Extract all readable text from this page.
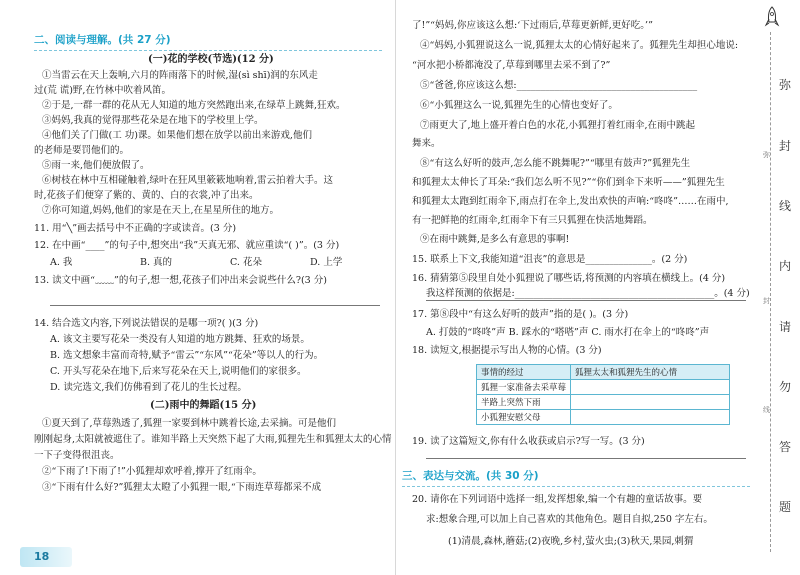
二、阅读与理解。(共 27 分)
(一)花的学校(节选)(12 分)
①当雷云在天上轰响,六月的阵雨落下的时候,湿(sì shī)润的东风走
过(荒 谎)野,在竹林中吹着风笛。
②于是,一群一群的花从无人知道的地方突然跑出来,在绿草上跳舞,狂欢。
③妈妈,我真的觉得那些花朵是在地下的学校里上学。
④他们关了门做(工 功)课。如果他们想在放学以前出来游戏,他们
的老师是要罚他们的。
⑤雨一来,他们便放假了。
⑥树枝在林中互相碰触着,绿叶在狂风里簌簌地响着,雷云拍着大手。这
时,花孩子们便穿了紫的、黄的、白的衣裳,冲了出来。
⑦你可知道,妈妈,他们的家是在天上,在星星所住的地方。
11. 用“╲”画去括号中不正确的字或读音。(3 分)
12. 在中画“____”的句子中,想突出“我”天真无邪、就应重读“( )”。(3 分)
A. 我	B. 真的	C. 花朵	D. 上学
13. 读文中画“﹏﹏”的句子,想一想,花孩子们冲出来会说些什么?(3 分)
14. 结合选文内容,下列说法错误的是哪一项?( )(3 分)
A. 该文主要写花朵一类没有人知道的地方跳舞、狂欢的场景。
B. 选文想象丰富而奇特,赋予“雷云”“东风”“花朵”等以人的行为。
C. 开头写花朵在地下,后来写花朵在天上,说明他们的家很多。
D. 读完选文,我们仿佛看到了花儿的生长过程。
(二)雨中的舞蹈(15 分)
①夏天到了,草莓熟透了,狐狸一家要到林中跳着长途,去采摘。可是他们
刚刚起身,太阳就被遮住了。谁知半路上天突然下起了大雨,狐狸先生和狐狸太太的心情
一下子变得很沮丧。
②“下雨了!下雨了!”小狐狸却欢呼着,撑开了红雨伞。
③“下雨有什么好?”狐狸太太瞪了小狐狸一眼,“下雨连草莓都采不成
18
了!”“妈妈,你应该这么想:‘下过雨后,草莓更新鲜,更好吃。’”
④“妈妈,小狐狸说这么一说,狐狸太太的心情好起来了。狐狸先生却担心地说:
“河水把小桥都淹没了,草莓到哪里去采不到了?”
⑤“爸爸,你应该这么想:______________________________________
⑥“小狐狸这么一说,狐狸先生的心情也变好了。
⑦雨更大了,地上盛开着白色的水花,小狐狸打着红雨伞,在雨中跳起
舞来。
⑧“有这么好听的鼓声,怎么能不跳舞呢?”“哪里有鼓声?”狐狸先生
和狐狸太太伸长了耳朵:“我们怎么听不见?”“你们到伞下来听——”狐狸先生
和狐狸太太跑到红雨伞下,雨点打在伞上,发出欢快的声响:“咚咚”……在雨中,
有一把鲜艳的红雨伞,红雨伞下有三只狐狸在快活地舞蹈。
⑨在雨中跳舞,是多么有意思的事啊!
15. 联系上下文,我能知道“沮丧”的意思是______________。(2 分)
16. 猜猜第⑤段里自处小狐狸说了哪些话,将预测的内容填在横线上。(4 分)
我这样预测的依据是:__________________________________________。(4 分)
17. 第⑧段中“有这么好听的鼓声”指的是( )。(3 分)
A. 打鼓的“咚咚”声 B. 踩水的“嗒嗒”声 C. 雨水打在伞上的“咚咚”声
18. 读短文,根据提示写出人物的心情。(3 分)
19. 读了这篇短文,你有什么收获或启示?写一写。(3 分)
三、表达与交流。(共 30 分)
20. 请你在下列词语中选择一组,发挥想象,编一个有趣的童话故事。要
求:想象合理,可以加上自己喜欢的其他角色。题目自拟,250 字左右。
(1)清晨,森林,蘑菇;(2)夜晚,乡村,萤火虫;(3)秋天,果园,刺猬
事情的经过	狐狸太太和狐狸先生的心情
狐狸一家准备去采草莓	
半路上突然下雨	
小狐狸安慰父母	
弥
封
线
弥
封
线
内
请
勿
答
题
